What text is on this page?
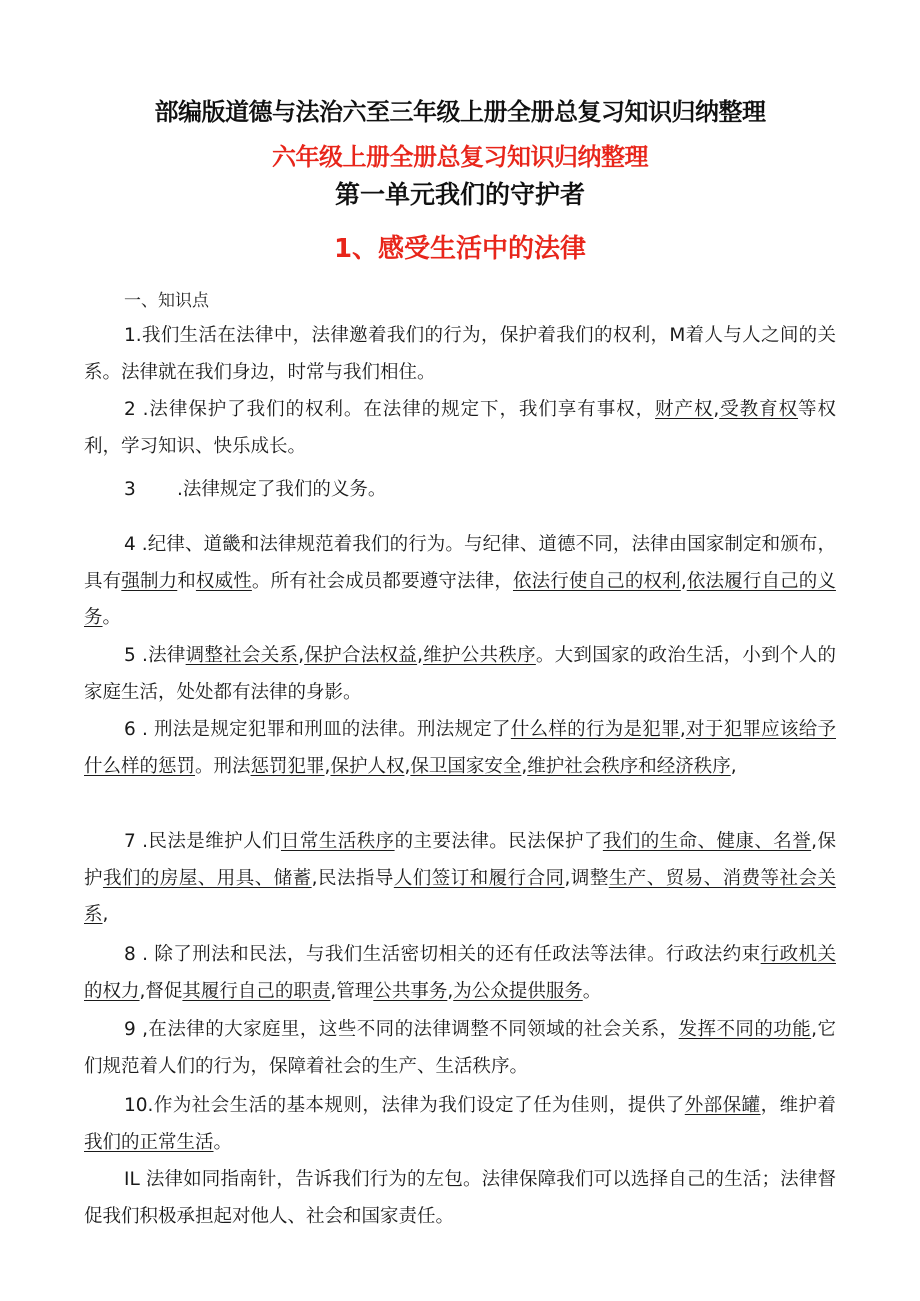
部编版道德与法治六至三年级上册全册总复习知识归纳整理
六年级上册全册总复习知识归纳整理
第一单元我们的守护者
1、感受生活中的法律
一、知识点

1.我们生活在法律中，法律邀着我们的行为，保护着我们的权利，M着人与人之间的关系。法律就在我们身边，时常与我们相住。

2 .法律保护了我们的权利。在法律的规定下，我们享有事权，财产权,受教育权等权利，学习知识、快乐成长。

3 .法律规定了我们的义务。

4 .纪律、道畿和法律规范着我们的行为。与纪律、道德不同，法律由国家制定和颁布，具有强制力和权威性。所有社会成员都要遵守法律，依法行使自己的权利,依法履行自己的义务。

5 .法律调整社会关系,保护合法权益,维护公共秩序。大到国家的政治生活，小到个人的家庭生活，处处都有法律的身影。

6 . 刑法是规定犯罪和刑皿的法律。刑法规定了什么样的行为是犯罪,对于犯罪应该给予什么样的惩罚。刑法惩罚犯罪,保护人权,保卫国家安全,维护社会秩序和经济秩序,

7 .民法是维护人们日常生活秩序的主要法律。民法保护了我们的生命、健康、名誉,保护我们的房屋、用具、储蓄,民法指导人们签订和履行合同,调整生产、贸易、消费等社会关系,

8 . 除了刑法和民法，与我们生活密切相关的还有任政法等法律。行政法约束行政机关的权力,督促其履行自己的职责,管理公共事务,为公众提供服务。

9 ,在法律的大家庭里，这些不同的法律调整不同领域的社会关系，发挥不同的功能,它们规范着人们的行为，保障着社会的生产、生活秩序。

10.作为社会生活的基本规则，法律为我们设定了任为佳则，提供了外部保罐，维护着我们的正常生活。

IL 法律如同指南针，告诉我们行为的左包。法律保障我们可以选择自己的生活；法律督促我们积极承担起对他人、社会和国家责任。
